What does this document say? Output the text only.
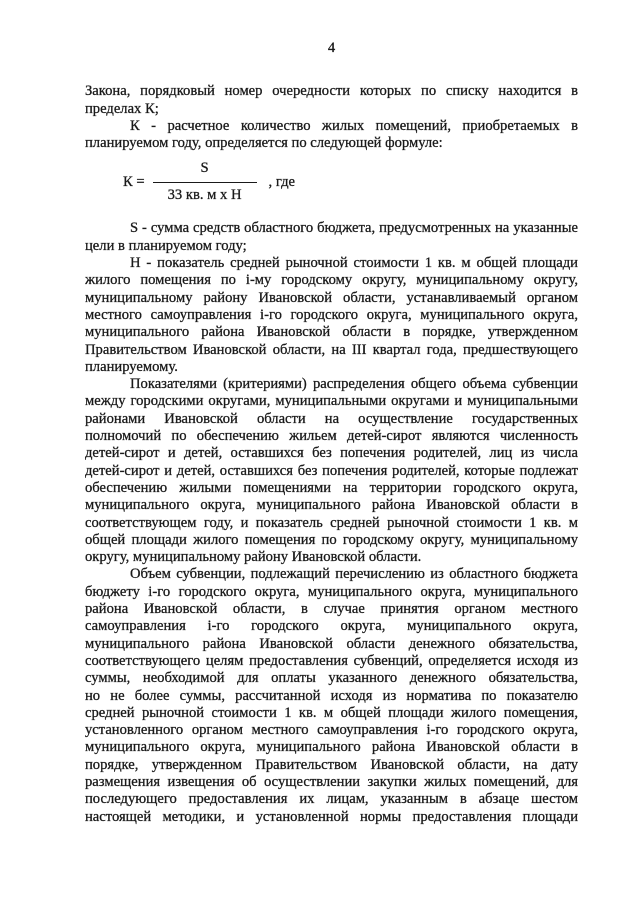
4
Закона, порядковый номер очередности которых по списку находится в
пределах К;
К - расчетное количество жилых помещений, приобретаемых в
планируемом году, определяется по следующей формуле:
$К = \frac{S}{\text{33 кв. м х Н}}$ , где
S - сумма средств областного бюджета, предусмотренных на указанные
цели в планируемом году;
Н - показатель средней рыночной стоимости 1 кв. м общей площади
жилого помещения по i-му городскому округу, муниципальному округу,
муниципальному району Ивановской области, устанавливаемый органом
местного самоуправления i-го городского округа, муниципального округа,
муниципального района Ивановской области в порядке, утвержденном
Правительством Ивановской области, на III квартал года, предшествующего
планируемому.
Показателями (критериями) распределения общего объема субвенции
между городскими округами, муниципальными округами и муниципальными
районами Ивановской области на осуществление государственных
полномочий по обеспечению жильем детей-сирот являются численность
детей-сирот и детей, оставшихся без попечения родителей, лиц из числа
детей-сирот и детей, оставшихся без попечения родителей, которые подлежат
обеспечению жилыми помещениями на территории городского округа,
муниципального округа, муниципального района Ивановской области в
соответствующем году, и показатель средней рыночной стоимости 1 кв. м
общей площади жилого помещения по городскому округу, муниципальному
округу, муниципальному району Ивановской области.
Объем субвенции, подлежащий перечислению из областного бюджета
бюджету i-го городского округа, муниципального округа, муниципального
района Ивановской области, в случае принятия органом местного
самоуправления i-го городского округа, муниципального округа,
муниципального района Ивановской области денежного обязательства,
соответствующего целям предоставления субвенций, определяется исходя из
суммы, необходимой для оплаты указанного денежного обязательства,
но не более суммы, рассчитанной исходя из норматива по показателю
средней рыночной стоимости 1 кв. м общей площади жилого помещения,
установленного органом местного самоуправления i-го городского округа,
муниципального округа, муниципального района Ивановской области в
порядке, утвержденном Правительством Ивановской области, на дату
размещения извещения об осуществлении закупки жилых помещений, для
последующего предоставления их лицам, указанным в абзаце шестом
настоящей методики, и установленной нормы предоставления площади
